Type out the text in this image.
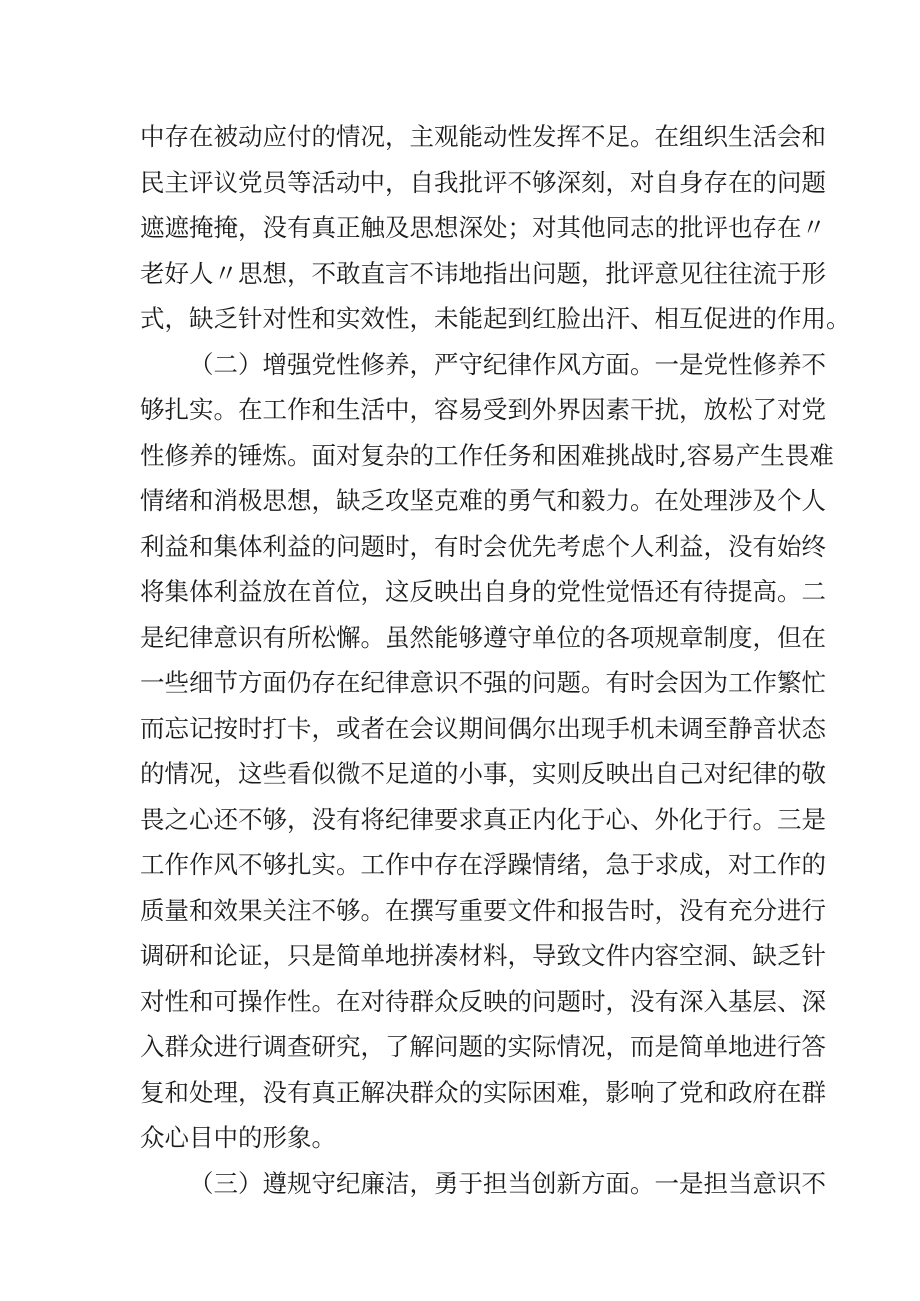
中存在被动应付的情况，主观能动性发挥不足。在组织生活会和
民主评议党员等活动中，自我批评不够深刻，对自身存在的问题
遮遮掩掩，没有真正触及思想深处；对其他同志的批评也存在〃
老好人〃思想，不敢直言不讳地指出问题，批评意见往往流于形
式，缺乏针对性和实效性，未能起到红脸出汗、相互促进的作用。
（二）增强党性修养，严守纪律作风方面。一是党性修养不
够扎实。在工作和生活中，容易受到外界因素干扰，放松了对党
性修养的锤炼。面对复杂的工作任务和困难挑战时,容易产生畏难
情绪和消极思想，缺乏攻坚克难的勇气和毅力。在处理涉及个人
利益和集体利益的问题时，有时会优先考虑个人利益，没有始终
将集体利益放在首位，这反映出自身的党性觉悟还有待提高。二
是纪律意识有所松懈。虽然能够遵守单位的各项规章制度，但在
一些细节方面仍存在纪律意识不强的问题。有时会因为工作繁忙
而忘记按时打卡，或者在会议期间偶尔出现手机未调至静音状态
的情况，这些看似微不足道的小事，实则反映出自己对纪律的敬
畏之心还不够，没有将纪律要求真正内化于心、外化于行。三是
工作作风不够扎实。工作中存在浮躁情绪，急于求成，对工作的
质量和效果关注不够。在撰写重要文件和报告时，没有充分进行
调研和论证，只是简单地拼凑材料，导致文件内容空洞、缺乏针
对性和可操作性。在对待群众反映的问题时，没有深入基层、深
入群众进行调查研究，了解问题的实际情况，而是简单地进行答
复和处理，没有真正解决群众的实际困难，影响了党和政府在群
众心目中的形象。
（三）遵规守纪廉洁，勇于担当创新方面。一是担当意识不
